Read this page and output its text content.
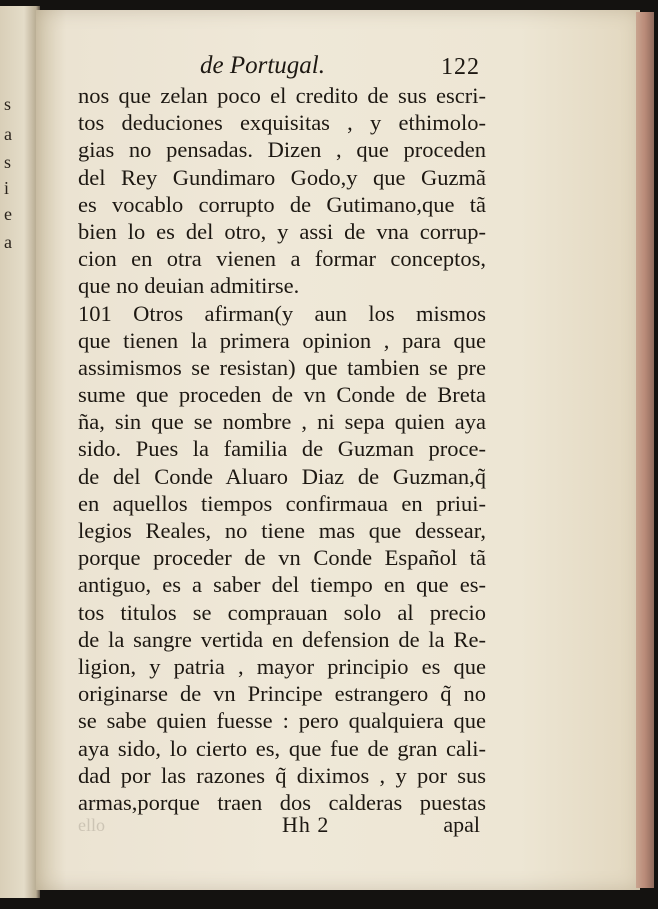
s
a
s
i
e
a
de Portugal.	122
nos que zelan poco el credito de sus escri-
tos deduciones exquisitas , y ethimolo-
gias no pensadas. Dizen , que proceden
del Rey Gundimaro Godo,y que Guzmã
es vocablo corrupto de Gutimano,que tã
bien lo es del otro, y assi de vna corrup-
cion en otra vienen a formar conceptos,
que no deuian admitirse.
101 Otros afirman(y aun los mismos
que tienen la primera opinion , para que
assimismos se resistan) que tambien se pre
sume que proceden de vn Conde de Breta
ña, sin que se nombre , ni sepa quien aya
sido. Pues la familia de Guzman proce-
de del Conde Aluaro Diaz de Guzman,q̃
en aquellos tiempos confirmaua en priui-
legios Reales, no tiene mas que dessear,
porque proceder de vn Conde Español tã
antiguo, es a saber del tiempo en que es-
tos titulos se comprauan solo al precio
de la sangre vertida en defension de la Re-
ligion, y patria , mayor principio es que
originarse de vn Principe estrangero q̃ no
se sabe quien fuesse : pero qualquiera que
aya sido, lo cierto es, que fue de gran cali-
dad por las razones q̃ diximos , y por sus
armas,porque traen dos calderas puestas
ello	Hh 2	apal
